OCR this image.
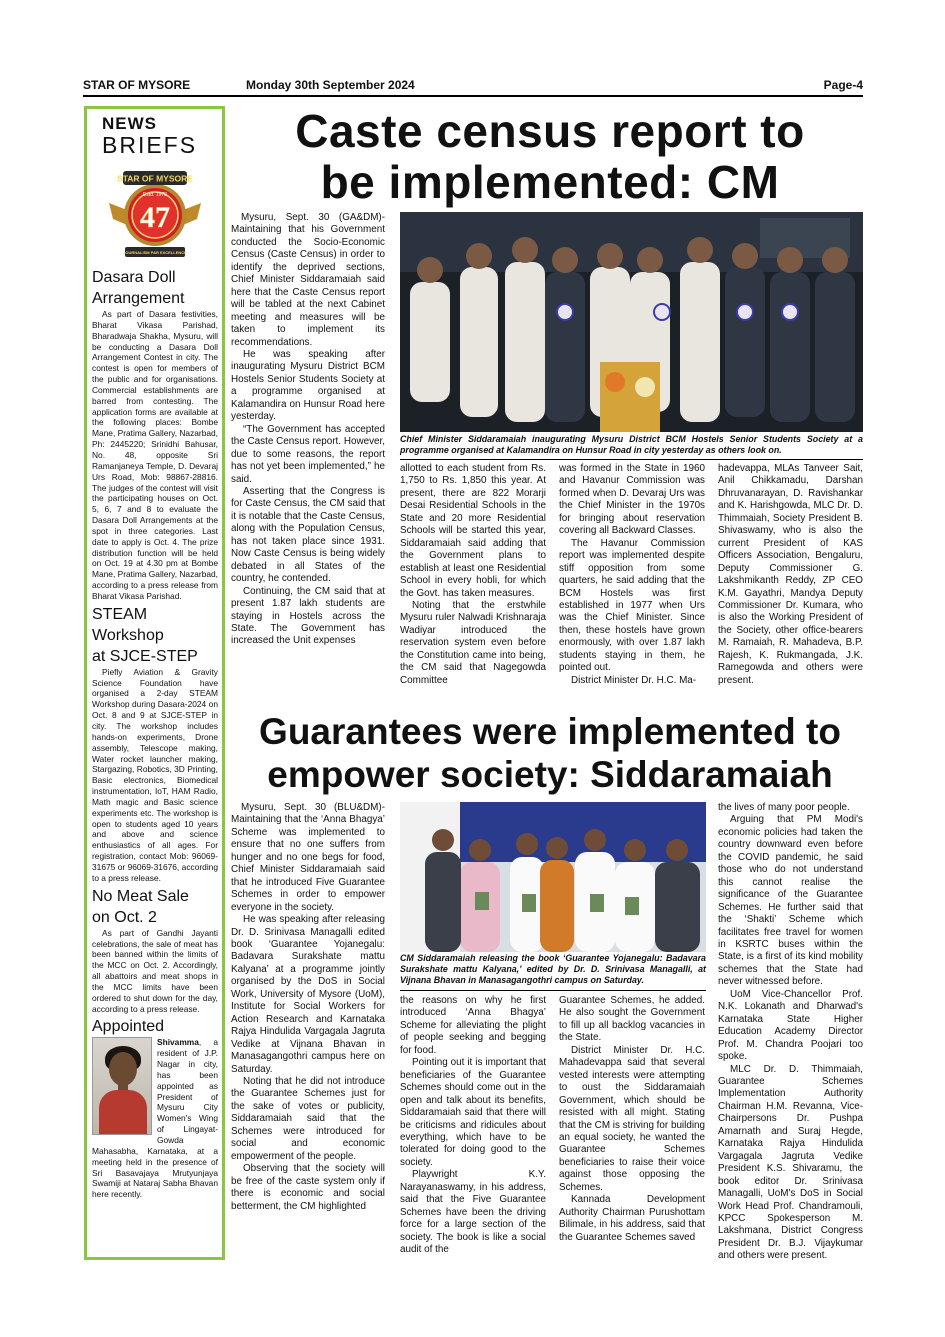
STAR OF MYSORE	Monday 30th September 2024	Page-4
NEWS
BRIEFS
STAR OF MYSORE
Estd. 1978
47
JOURNALISM PAR EXCELLENCE
Dasara Doll
Arrangement
As part of Dasara festivities, Bharat Vikasa Parishad, Bharadwaja Shakha, Mysuru, will be conducting a Dasara Doll Arrangement Contest in city. The contest is open for members of the public and for organisations. Commercial establishments are barred from contesting. The application forms are available at the following places: Bombe Mane, Pratima Gallery, Nazarbad, Ph: 2445220; Srinidhi Bahusar, No. 48, opposite Sri Ramanjaneya Temple, D. Devaraj Urs Road, Mob: 98867-28816. The judges of the contest will visit the participating houses on Oct. 5, 6, 7 and 8 to evaluate the Dasara Doll Arrangements at the spot in three categories. Last date to apply is Oct. 4. The prize distribution function will be held on Oct. 19 at 4.30 pm at Bombe Mane, Pratima Gallery, Nazarbad, according to a press release from Bharat Vikasa Parishad.
STEAM Workshop
at SJCE-STEP
Piefly Aviation & Gravity Science Foundation have organised a 2-day STEAM Workshop during Dasara-2024 on Oct. 8 and 9 at SJCE-STEP in city. The workshop includes hands-on experiments, Drone assembly, Telescope making, Water rocket launcher making, Stargazing, Robotics, 3D Printing, Basic electronics, Biomedical instrumentation, IoT, HAM Radio, Math magic and Basic science experiments etc. The workshop is open to students aged 10 years and above and science enthusiastics of all ages. For registration, contact Mob: 96069-31675 or 96069-31676, according to a press release.
No Meat Sale
on Oct. 2
As part of Gandhi Jayanti celebrations, the sale of meat has been banned within the limits of the MCC on Oct. 2. Accordingly, all abattoirs and meat shops in the MCC limits have been ordered to shut down for the day, according to a press release.
Appointed
Shivamma, a resident of J.P. Nagar in city, has been appointed as President of Mysuru City Women's Wing of Lingayat-Gowda Mahasabha, Karnataka, at a meeting held in the presence of Sri Basavajaya Mrutyunjaya Swamiji at Nataraj Sabha Bhavan here recently.
Caste census report to
be implemented: CM

Mysuru, Sept. 30 (GA&DM)- Maintaining that his Government conducted the Socio-Economic Census (Caste Census) in order to identify the deprived sections, Chief Minister Siddaramaiah said here that the Caste Census report will be tabled at the next Cabinet meeting and measures will be taken to implement its recommendations.

He was speaking after inaugurating Mysuru District BCM Hostels Senior Students Society at a programme organised at Kalamandira on Hunsur Road here yesterday.

“The Government has accepted the Caste Census report. However, due to some reasons, the report has not yet been implemented,” he said.

Asserting that the Congress is for Caste Census, the CM said that it is notable that the Caste Census, along with the Population Census, has not taken place since 1931. Now Caste Census is being widely debated in all States of the country, he contended.

Continuing, the CM said that at present 1.87 lakh students are staying in Hostels across the State. The Government has increased the Unit expenses

Chief Minister Siddaramaiah inaugurating Mysuru District BCM Hostels Senior Students Society at a programme organised at Kalamandira on Hunsur Road in city yesterday as others look on.

allotted to each student from Rs. 1,750 to Rs. 1,850 this year. At present, there are 822 Morarji Desai Residential Schools in the State and 20 more Residential Schools will be started this year, Siddaramaiah said adding that the Government plans to establish at least one Residential School in every hobli, for which the Govt. has taken measures.

Noting that the erstwhile Mysuru ruler Nalwadi Krishnaraja Wadiyar introduced the reservation system even before the Constitution came into being, the CM said that Nagegowda Committee

was formed in the State in 1960 and Havanur Commission was formed when D. Devaraj Urs was the Chief Minister in the 1970s for bringing about reservation covering all Backward Classes.

The Havanur Commission report was implemented despite stiff opposition from some quarters, he said adding that the BCM Hostels was first established in 1977 when Urs was the Chief Minister. Since then, these hostels have grown enormously, with over 1.87 lakh students staying in them, he pointed out.

District Minister Dr. H.C. Ma-

hadevappa, MLAs Tanveer Sait, Anil Chikkamadu, Darshan Dhruvanarayan, D. Ravishankar and K. Harishgowda, MLC Dr. D. Thimmaiah, Society President B. Shivaswamy, who is also the current President of KAS Officers Association, Bengaluru, Deputy Commissioner G. Lakshmikanth Reddy, ZP CEO K.M. Gayathri, Mandya Deputy Commissioner Dr. Kumara, who is also the Working President of the Society, other office-bearers M. Ramaiah, R. Mahadeva, B.P. Rajesh, K. Rukmangada, J.K. Ramegowda and others were present.

Guarantees were implemented to
empower society: Siddaramaiah

Mysuru, Sept. 30 (BLU&DM)- Maintaining that the ‘Anna Bhagya’ Scheme was implemented to ensure that no one suffers from hunger and no one begs for food, Chief Minister Siddaramaiah said that he introduced Five Guarantee Schemes in order to empower everyone in the society.

He was speaking after releasing Dr. D. Srinivasa Managalli edited book ‘Guarantee Yojanegalu: Badavara Surakshate mattu Kalyana’ at a programme jointly organised by the DoS in Social Work, University of Mysore (UoM), Institute for Social Workers for Action Research and Karnataka Rajya Hindulida Vargagala Jagruta Vedike at Vijnana Bhavan in Manasagangothri campus here on Saturday.

Noting that he did not introduce the Guarantee Schemes just for the sake of votes or publicity, Siddaramaiah said that the Schemes were introduced for social and economic empowerment of the people.

Observing that the society will be free of the caste system only if there is economic and social betterment, the CM highlighted

CM Siddaramaiah releasing the book ‘Guarantee Yojanegalu: Badavara Surakshate mattu Kalyana,’ edited by Dr. D. Srinivasa Managalli, at Vijnana Bhavan in Manasagangothri campus on Saturday.

the reasons on why he first introduced ‘Anna Bhagya’ Scheme for alleviating the plight of people seeking and begging for food.

Pointing out it is important that beneficiaries of the Guarantee Schemes should come out in the open and talk about its benefits, Siddaramaiah said that there will be criticisms and ridicules about everything, which have to be tolerated for doing good to the society.

Playwright K.Y. Narayanaswamy, in his address, said that the Five Guarantee Schemes have been the driving force for a large section of the society. The book is like a social audit of the

Guarantee Schemes, he added. He also sought the Government to fill up all backlog vacancies in the State.

District Minister Dr. H.C. Mahadevappa said that several vested interests were attempting to oust the Siddaramaiah Government, which should be resisted with all might. Stating that the CM is striving for building an equal society, he wanted the Guarantee Schemes beneficiaries to raise their voice against those opposing the Schemes.

Kannada Development Authority Chairman Purushottam Bilimale, in his address, said that the Guarantee Schemes saved

the lives of many poor people.

Arguing that PM Modi's economic policies had taken the country downward even before the COVID pandemic, he said those who do not understand this cannot realise the significance of the Guarantee Schemes. He further said that the ‘Shakti’ Scheme which facilitates free travel for women in KSRTC buses within the State, is a first of its kind mobility schemes that the State had never witnessed before.

UoM Vice-Chancellor Prof. N.K. Lokanath and Dharwad's Karnataka State Higher Education Academy Director Prof. M. Chandra Poojari too spoke.

MLC Dr. D. Thimmaiah, Guarantee Schemes Implementation Authority Chairman H.M. Revanna, Vice-Chairpersons Dr. Pushpa Amarnath and Suraj Hegde, Karnataka Rajya Hindulida Vargagala Jagruta Vedike President K.S. Shivaramu, the book editor Dr. Srinivasa Managalli, UoM's DoS in Social Work Head Prof. Chandramouli, KPCC Spokesperson M. Lakshmana, District Congress President Dr. B.J. Vijaykumar and others were present.
